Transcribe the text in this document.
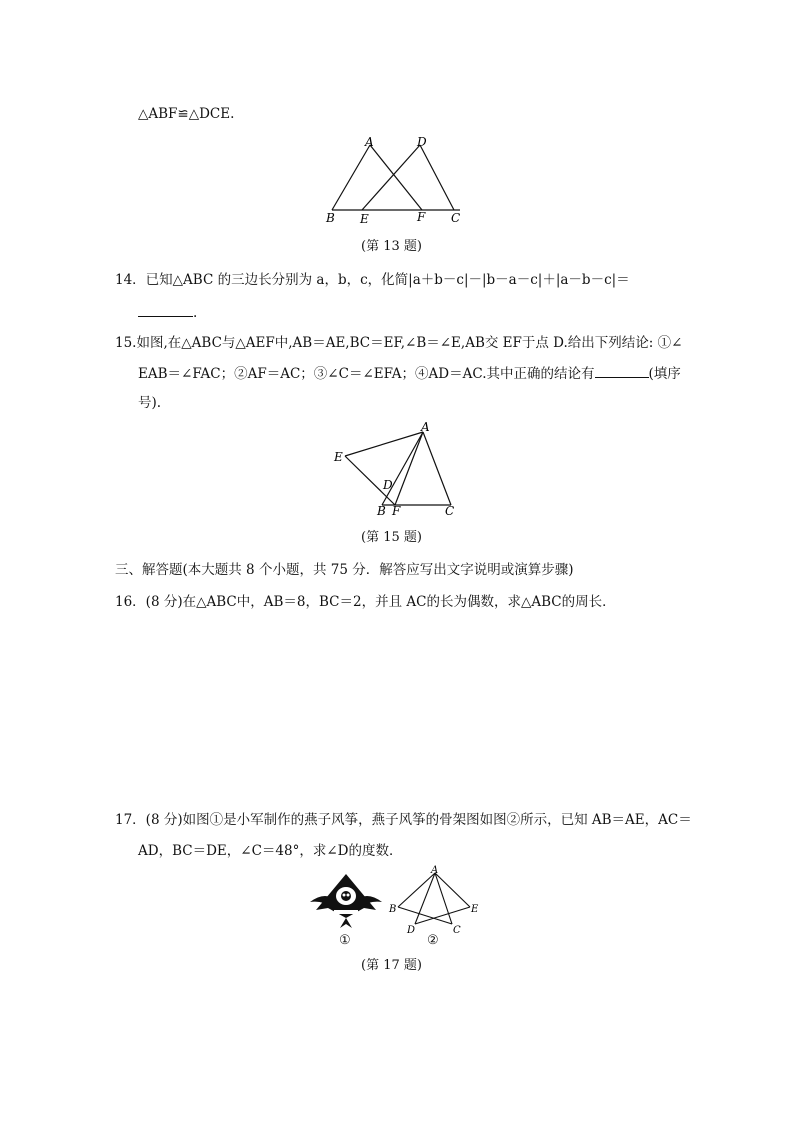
△ABF≌△DCE.
A	D
B E	F C
(第 13 题)
14．已知△ABC 的三边长分别为 a，b，c，化简|a＋b－c|－|b－a－c|＋|a－b－c|＝
.
15.如图,在△ABC与△AEF中,AB＝AE,BC＝EF,∠B＝∠E,AB交 EF于点 D.给出下列结论: ①∠
EAB＝∠FAC；②AF＝AC；③∠C＝∠EFA；④AD＝AC.其中正确的结论有	(填序
号).
A
E
D
B F	C
(第 15 题)
三、解答题(本大题共 8 个小题，共 75 分．解答应写出文字说明或演算步骤)
16．(8 分)在△ABC中，AB＝8，BC＝2，并且 AC的长为偶数，求△ABC的周长．
17．(8 分)如图①是小军制作的燕子风筝，燕子风筝的骨架图如图②所示，已知 AB＝AE，AC＝
AD，BC＝DE，∠C＝48°，求∠D的度数．
①
A
B	E
D	C
②
(第 17 题)
